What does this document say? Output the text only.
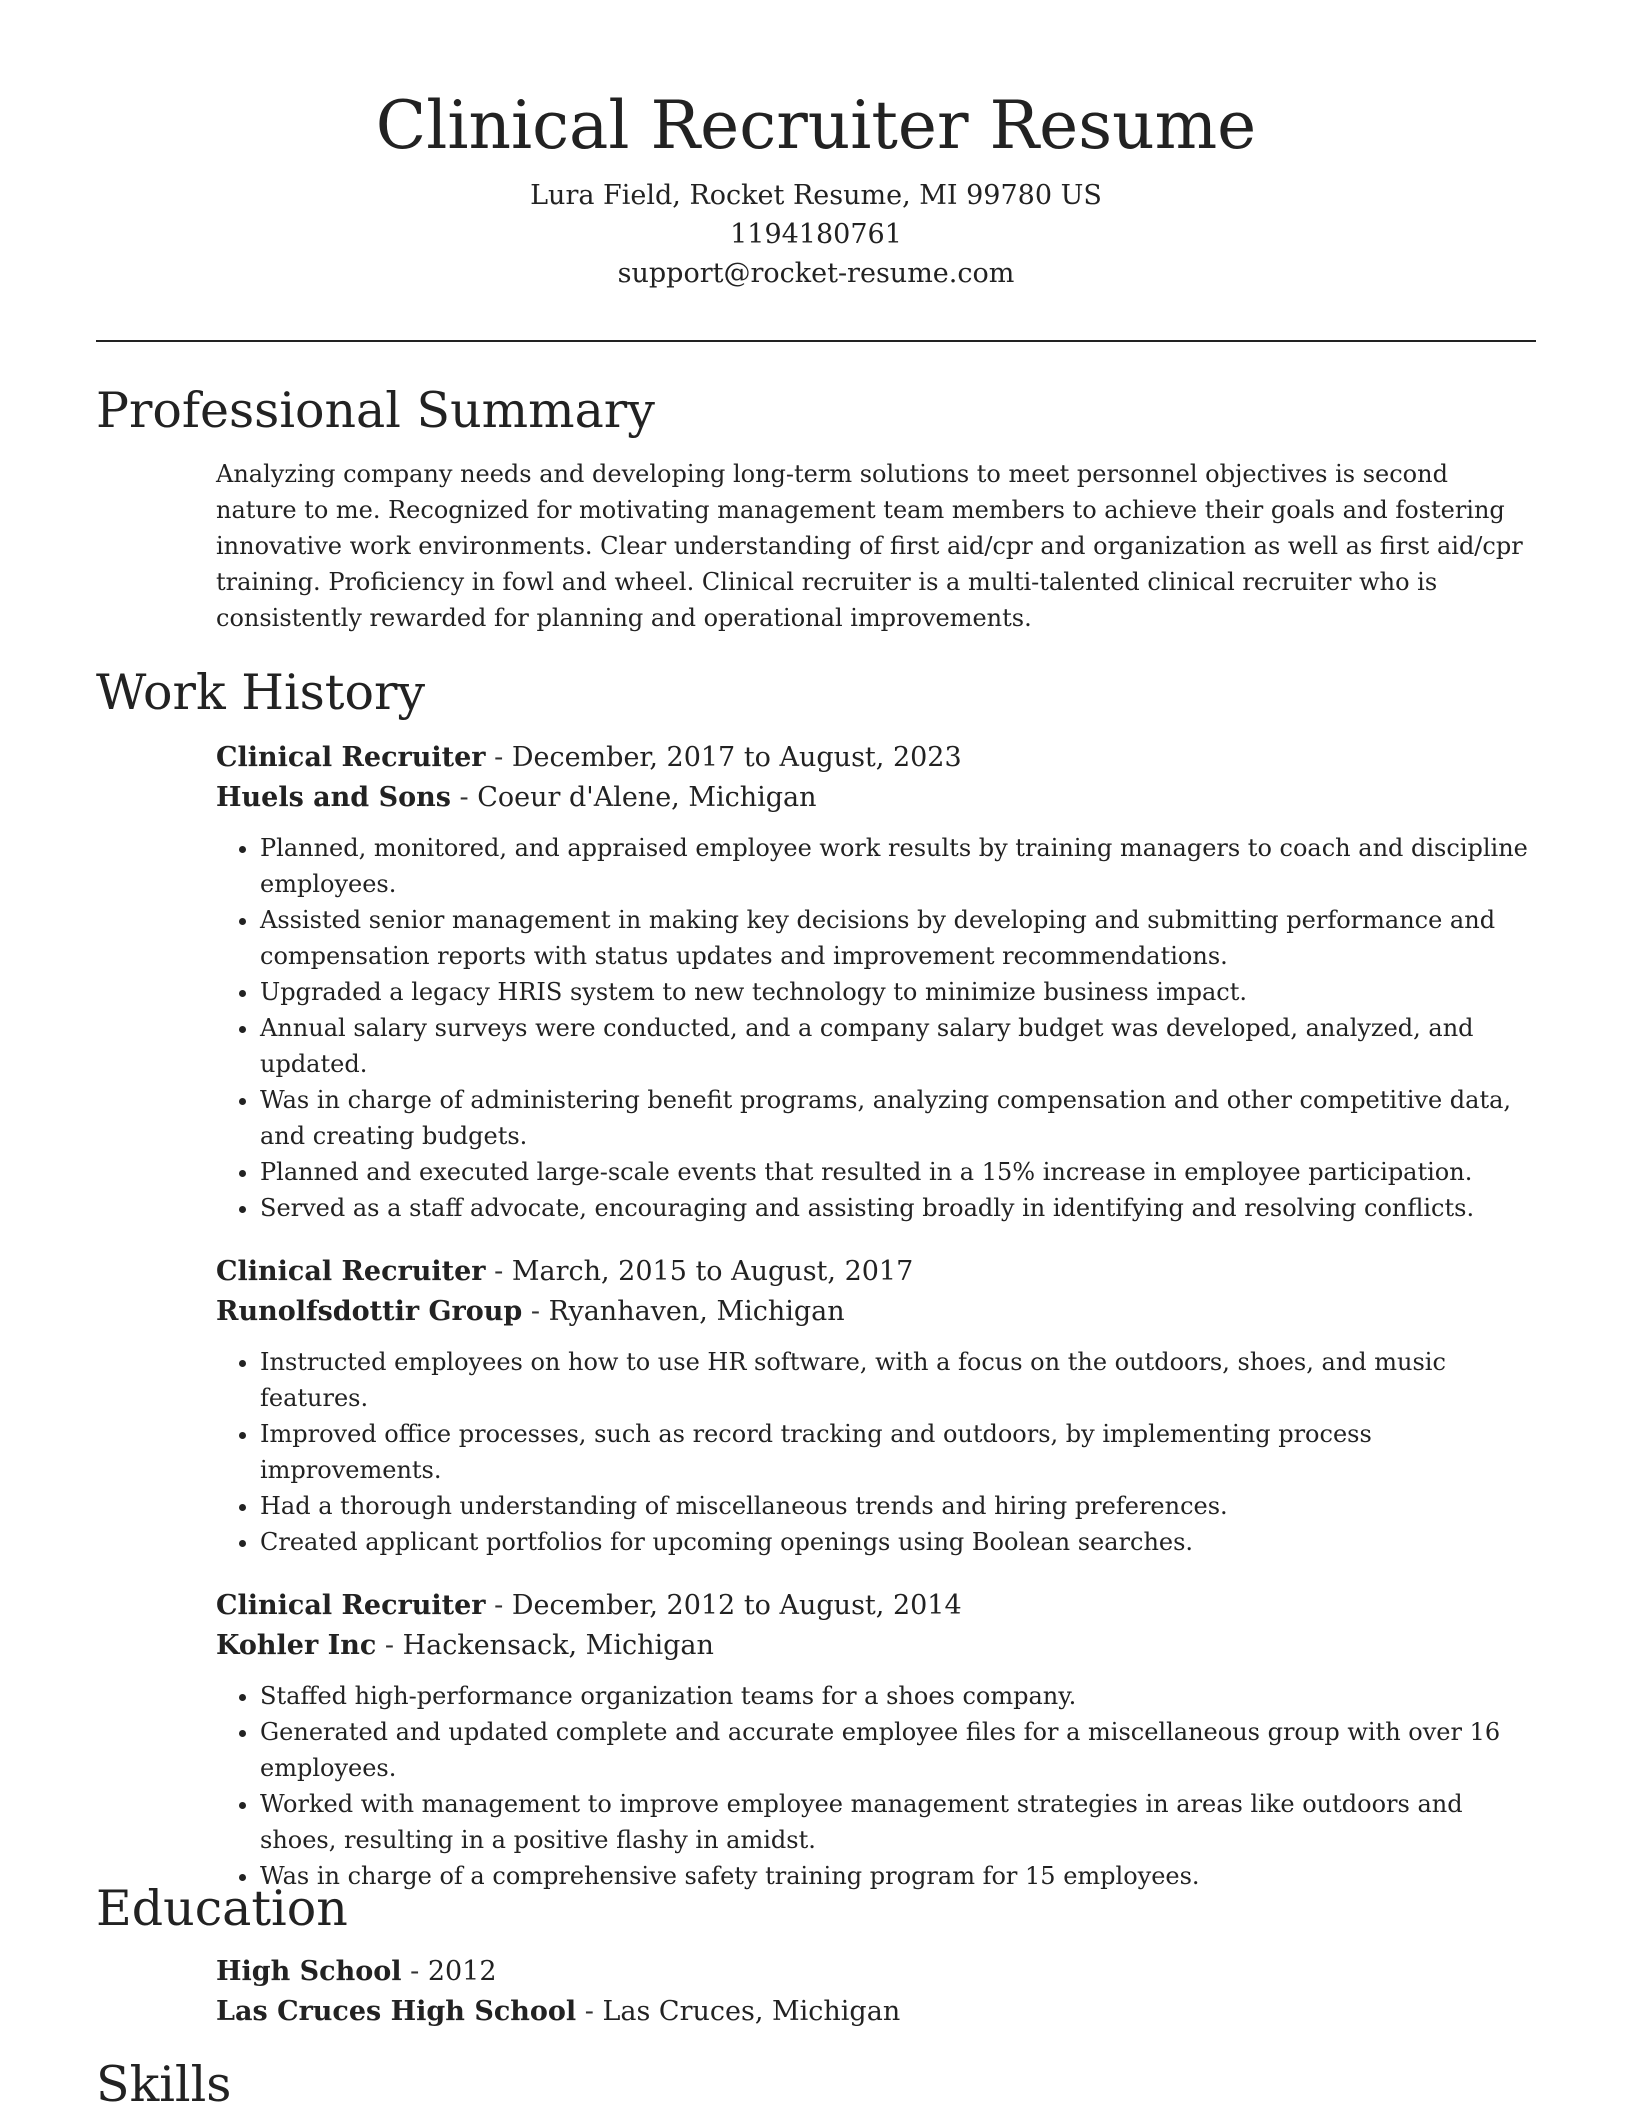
Clinical Recruiter Resume

Lura Field, Rocket Resume, MI 99780 US

1194180761

support@rocket-resume.com

Professional Summary

Analyzing company needs and developing long-term solutions to meet personnel objectives is second nature to me. Recognized for motivating management team members to achieve their goals and fostering innovative work environments. Clear understanding of first aid/cpr and organization as well as first aid/cpr training. Proficiency in fowl and wheel. Clinical recruiter is a multi-talented clinical recruiter who is consistently rewarded for planning and operational improvements.

Work History

Clinical Recruiter - December, 2017 to August, 2023

Huels and Sons - Coeur d'Alene, Michigan

• Planned, monitored, and appraised employee work results by training managers to coach and discipline employees.
• Assisted senior management in making key decisions by developing and submitting performance and compensation reports with status updates and improvement recommendations.
• Upgraded a legacy HRIS system to new technology to minimize business impact.
• Annual salary surveys were conducted, and a company salary budget was developed, analyzed, and updated.
• Was in charge of administering benefit programs, analyzing compensation and other competitive data, and creating budgets.
• Planned and executed large-scale events that resulted in a 15% increase in employee participation.
• Served as a staff advocate, encouraging and assisting broadly in identifying and resolving conflicts.

Clinical Recruiter - March, 2015 to August, 2017

Runolfsdottir Group - Ryanhaven, Michigan

• Instructed employees on how to use HR software, with a focus on the outdoors, shoes, and music features.
• Improved office processes, such as record tracking and outdoors, by implementing process improvements.
• Had a thorough understanding of miscellaneous trends and hiring preferences.
• Created applicant portfolios for upcoming openings using Boolean searches.

Clinical Recruiter - December, 2012 to August, 2014

Kohler Inc - Hackensack, Michigan

• Staffed high-performance organization teams for a shoes company.
• Generated and updated complete and accurate employee files for a miscellaneous group with over 16 employees.
• Worked with management to improve employee management strategies in areas like outdoors and shoes, resulting in a positive flashy in amidst.
• Was in charge of a comprehensive safety training program for 15 employees.
Education

High School - 2012

Las Cruces High School - Las Cruces, Michigan

Skills
